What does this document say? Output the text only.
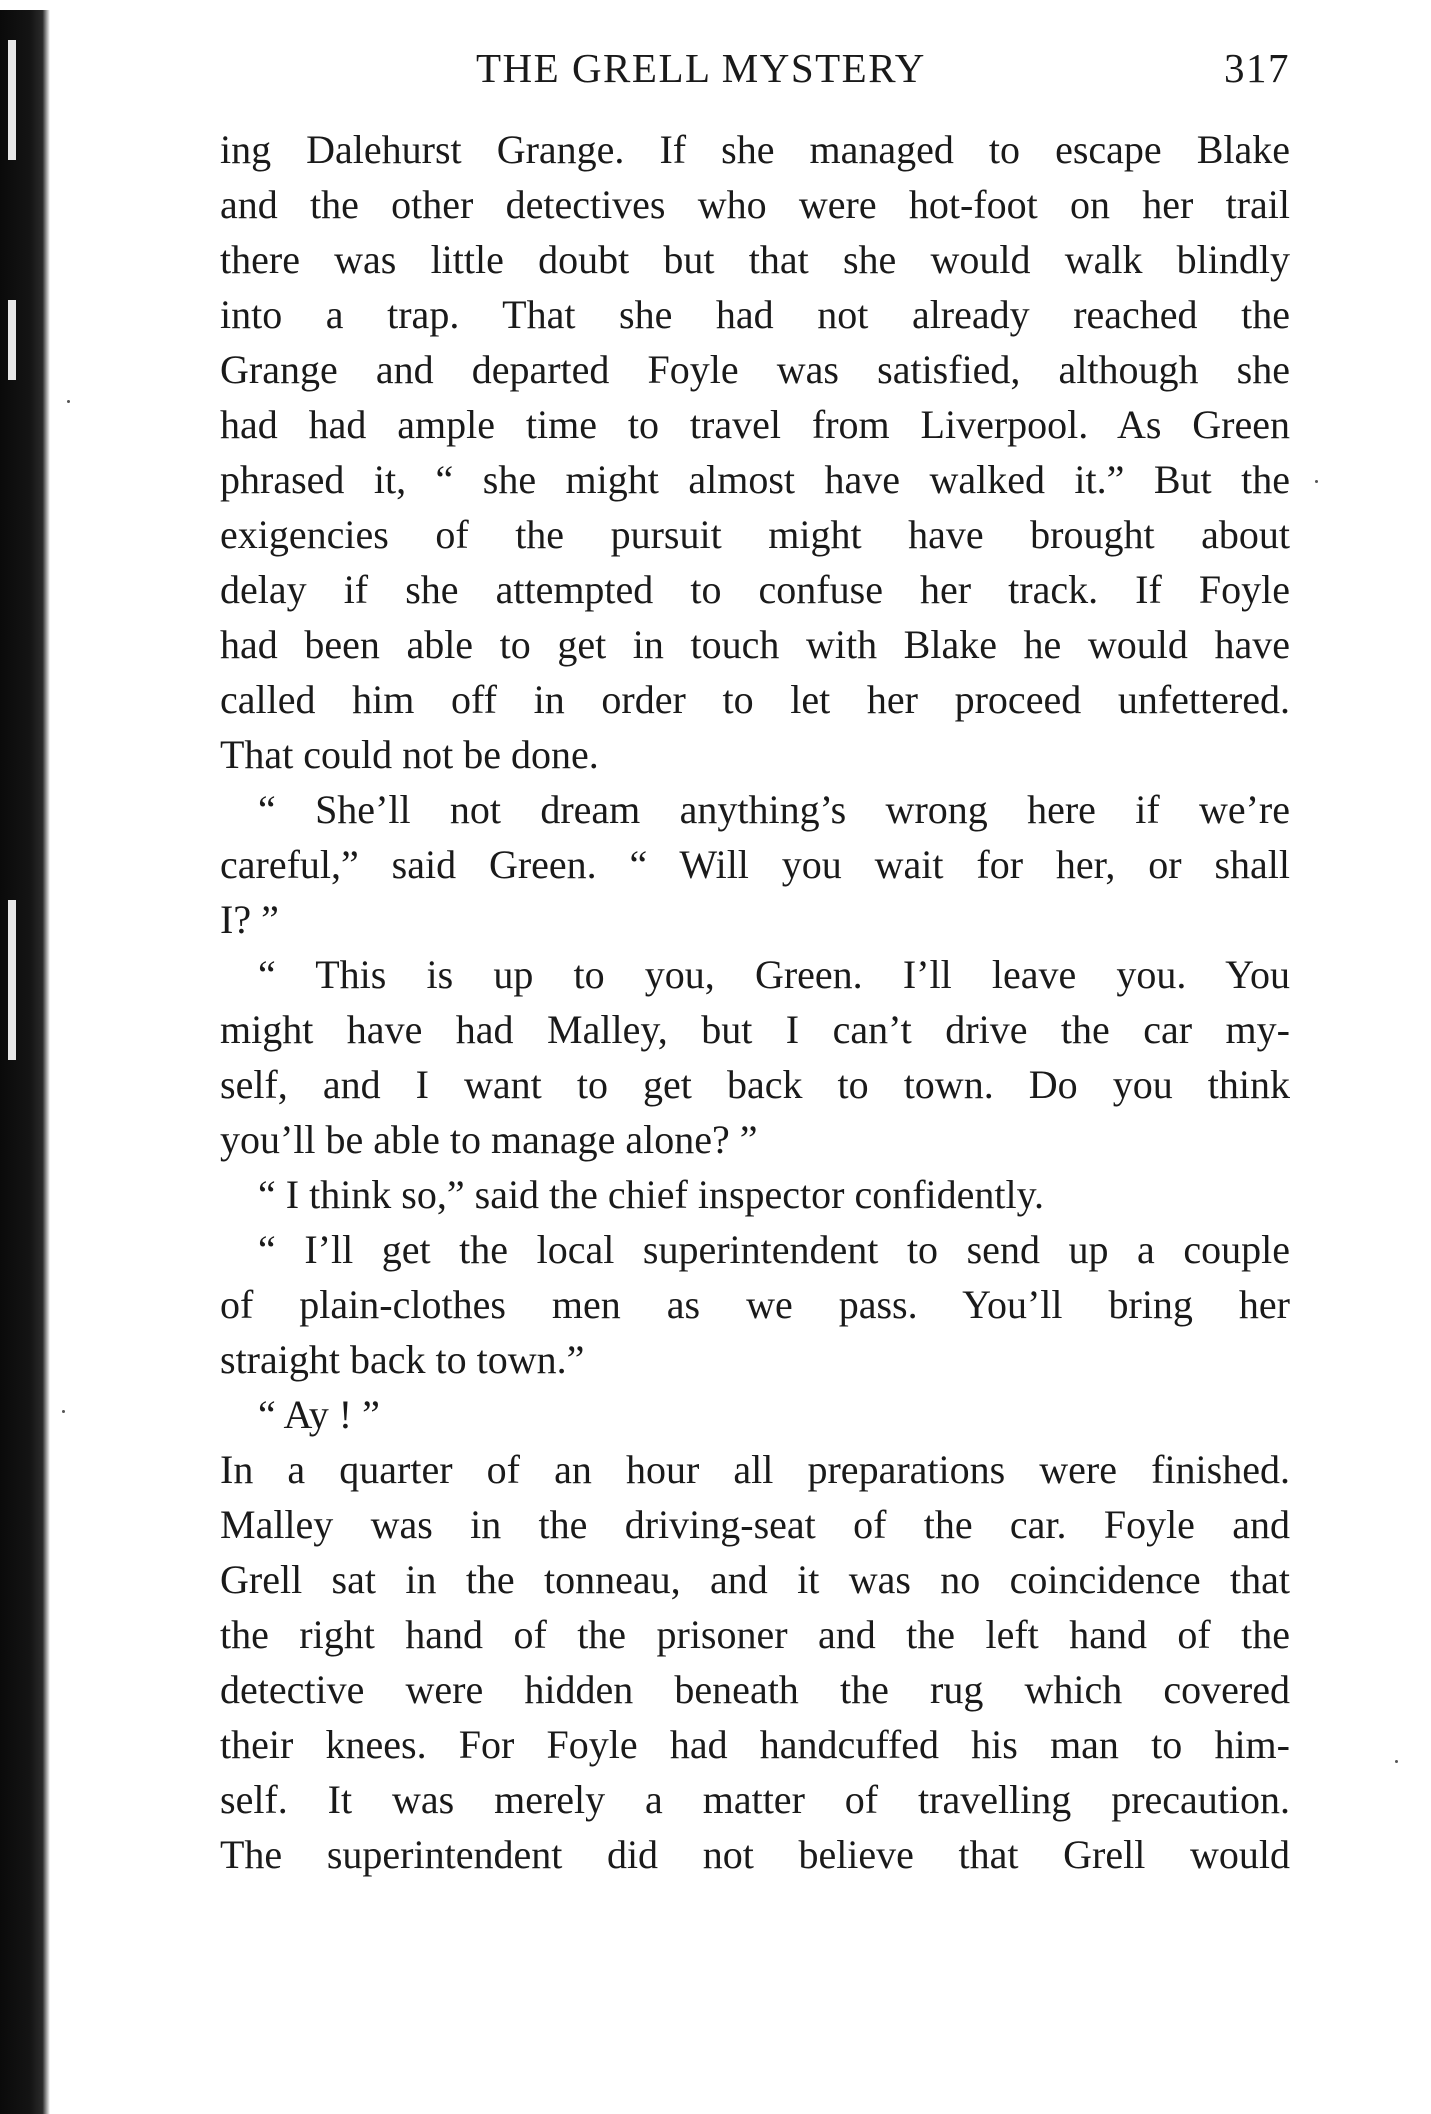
THE GRELL MYSTERY	317
ing Dalehurst Grange. If she managed to escape Blake
and the other detectives who were hot-foot on her trail
there was little doubt but that she would walk blindly
into a trap. That she had not already reached the
Grange and departed Foyle was satisfied, although she
had had ample time to travel from Liverpool. As Green
phrased it, “ she might almost have walked it.” But the
exigencies of the pursuit might have brought about
delay if she attempted to confuse her track. If Foyle
had been able to get in touch with Blake he would have
called him off in order to let her proceed unfettered.
That could not be done.
“ She’ll not dream anything’s wrong here if we’re
careful,” said Green. “ Will you wait for her, or shall
I? ”
“ This is up to you, Green. I’ll leave you. You
might have had Malley, but I can’t drive the car my-
self, and I want to get back to town. Do you think
you’ll be able to manage alone? ”
“ I think so,” said the chief inspector confidently.
“ I’ll get the local superintendent to send up a couple
of plain-clothes men as we pass. You’ll bring her
straight back to town.”
“ Ay ! ”
In a quarter of an hour all preparations were finished.
Malley was in the driving-seat of the car. Foyle and
Grell sat in the tonneau, and it was no coincidence that
the right hand of the prisoner and the left hand of the
detective were hidden beneath the rug which covered
their knees. For Foyle had handcuffed his man to him-
self. It was merely a matter of travelling precaution.
The superintendent did not believe that Grell would
